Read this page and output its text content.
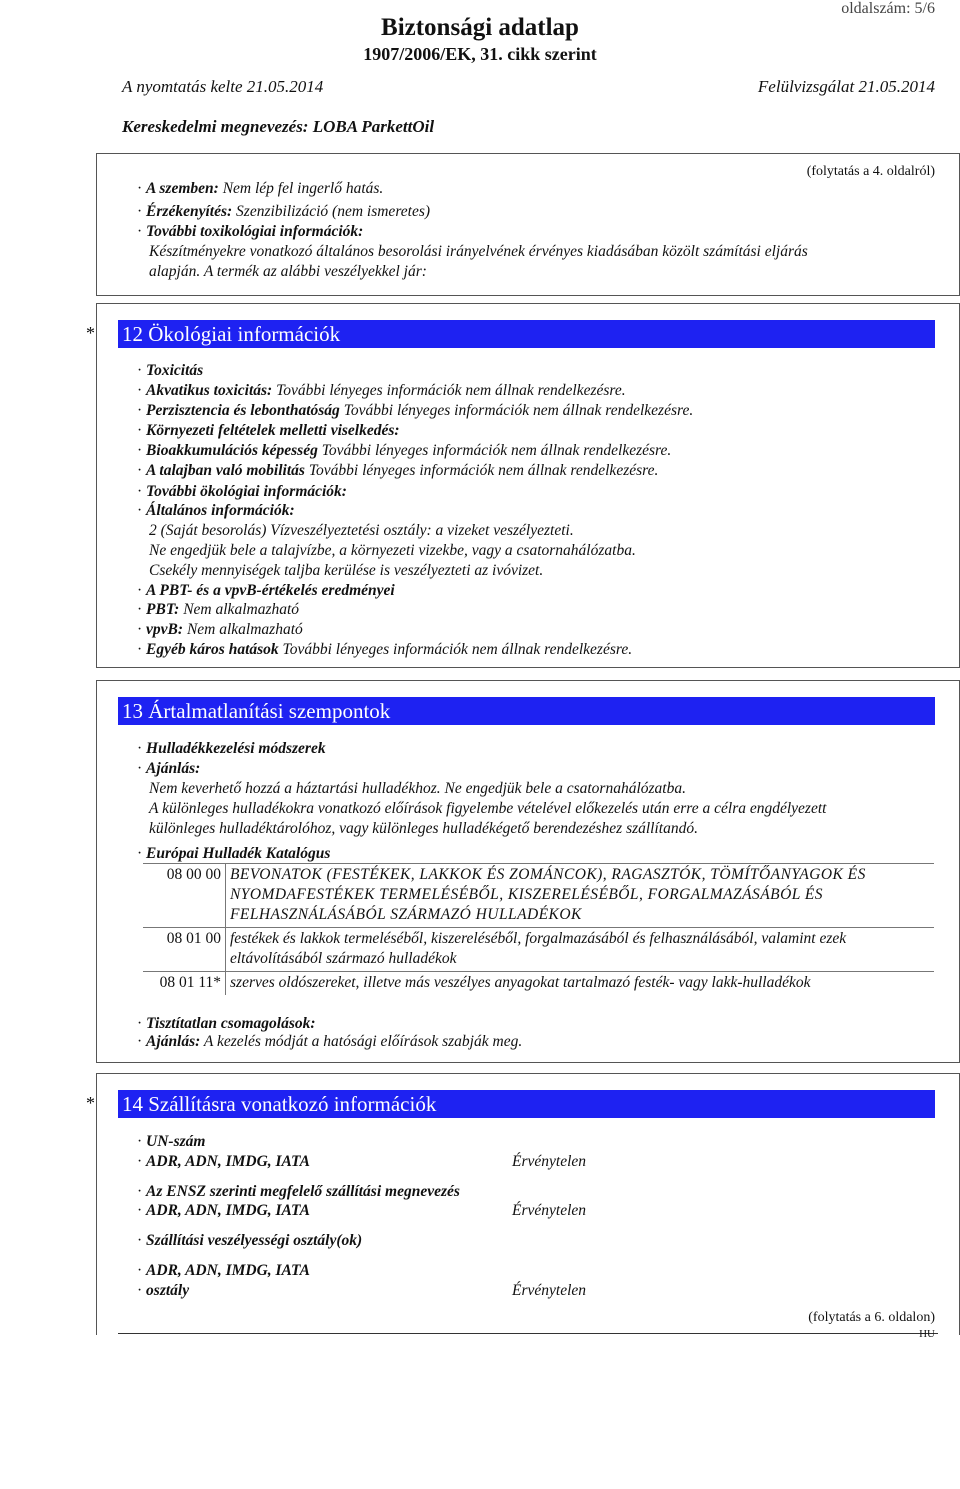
oldalszám: 5/6
Biztonsági adatlap
1907/2006/EK, 31. cikk szerint
A nyomtatás kelte 21.05.2014	Felülvizsgálat 21.05.2014
Kereskedelmi megnevezés: LOBA ParkettOil
(folytatás a 4. oldalról)
· A szemben: Nem lép fel ingerlő hatás.
· Érzékenyítés: Szenzibilizáció (nem ismeretes)
· További toxikológiai információk:
Készítményekre vonatkozó általános besorolási irányelvének érvényes kiadásában közölt számítási eljárás
alapján. A termék az alábbi veszélyekkel jár:
* 12 Ökológiai információk
· Toxicitás
· Akvatikus toxicitás: További lényeges információk nem állnak rendelkezésre.
· Perzisztencia és lebonthatóság További lényeges információk nem állnak rendelkezésre.
· Környezeti feltételek melletti viselkedés:
· Bioakkumulációs képesség További lényeges információk nem állnak rendelkezésre.
· A talajban való mobilitás További lényeges információk nem állnak rendelkezésre.
· További ökológiai információk:
· Általános információk:
2 (Saját besorolás) Vízveszélyeztetési osztály: a vizeket veszélyezteti.
Ne engedjük bele a talajvízbe, a környezeti vizekbe, vagy a csatornahálózatba.
Csekély mennyiségek taljba kerülése is veszélyezteti az ivóvizet.
· A PBT- és a vpvB-értékelés eredményei
· PBT: Nem alkalmazható
· vpvB: Nem alkalmazható
· Egyéb káros hatások További lényeges információk nem állnak rendelkezésre.
13 Ártalmatlanítási szempontok
· Hulladékkezelési módszerek
· Ajánlás:
Nem keverhető hozzá a háztartási hulladékhoz. Ne engedjük bele a csatornahálózatba.
A különleges hulladékokra vonatkozó előírások figyelembe vételével előkezelés után erre a célra engdélyezett
különleges hulladéktárolóhoz, vagy különleges hulladékégető berendezéshez szállítandó.
· Európai Hulladék Katalógus
08 00 00	BEVONATOK (FESTÉKEK, LAKKOK ÉS ZOMÁNCOK), RAGASZTÓK, TÖMÍTŐANYAGOK ÉS NYOMDAFESTÉKEK TERMELÉSÉBŐL, KISZERELÉSÉBŐL, FORGALMAZÁSÁBÓL ÉS FELHASZNÁLÁSÁBÓL SZÁRMAZÓ HULLADÉKOK
08 01 00	festékek és lakkok termeléséből, kiszereléséből, forgalmazásából és felhasználásából, valamint ezek eltávolításából származó hulladékok
08 01 11*	szerves oldószereket, illetve más veszélyes anyagokat tartalmazó festék- vagy lakk-hulladékok
· Tisztítatlan csomagolások:
· Ajánlás: A kezelés módját a hatósági előírások szabják meg.
* 14 Szállításra vonatkozó információk
· UN-szám
· ADR, ADN, IMDG, IATA	Érvénytelen
· Az ENSZ szerinti megfelelő szállítási megnevezés
· ADR, ADN, IMDG, IATA	Érvénytelen
· Szállítási veszélyességi osztály(ok)
· ADR, ADN, IMDG, IATA
· osztály	Érvénytelen
(folytatás a 6. oldalon)
HU
